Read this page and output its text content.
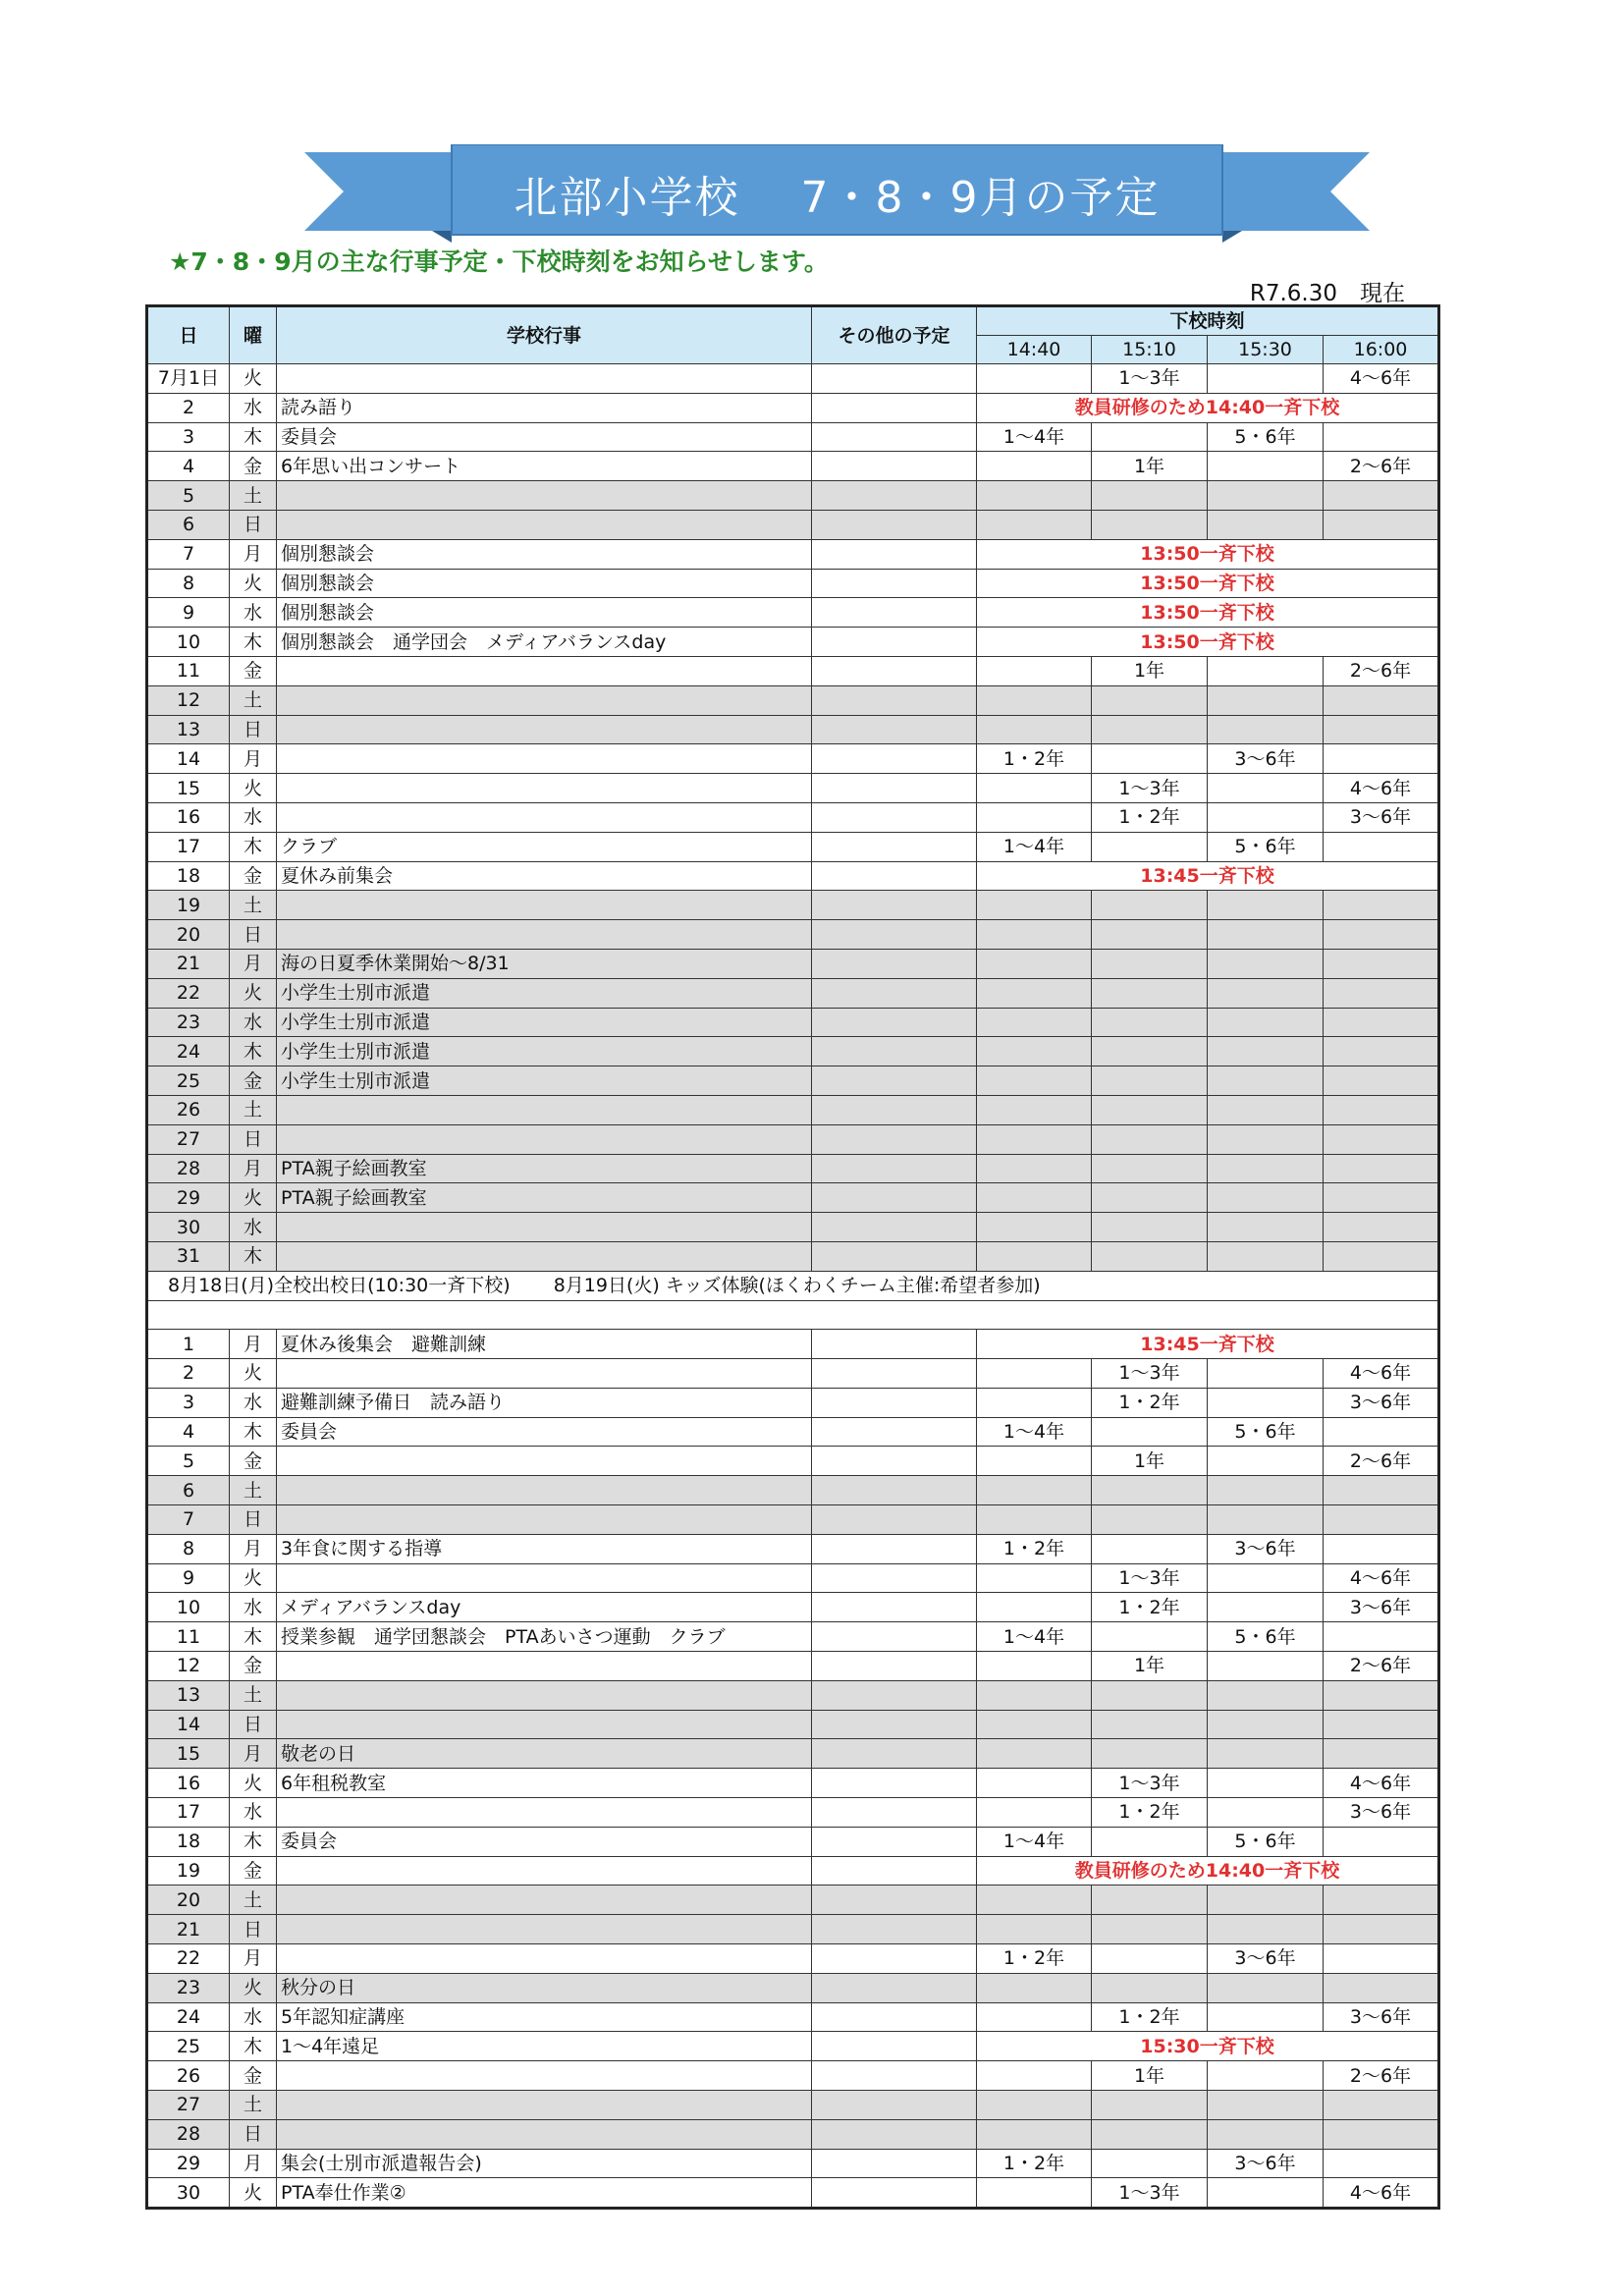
北部小学校　 7・8・9月の予定
★7・8・9月の主な行事予定・下校時刻をお知らせします。
R7.6.30　現在
日	曜	学校行事	その他の予定	下校時刻			
				14:40	15:10	15:30	16:00
7月1日	火				1～3年		4～6年
2	水	読み語り		教員研修のため14:40一斉下校			
3	木	委員会		1～4年		5・6年	
4	金	6年思い出コンサート			1年		2～6年
5	土						
6	日						
7	月	個別懇談会		13:50一斉下校			
8	火	個別懇談会		13:50一斉下校			
9	水	個別懇談会		13:50一斉下校			
10	木	個別懇談会　通学団会　メディアバランスday		13:50一斉下校			
11	金				1年		2～6年
12	土						
13	日						
14	月			1・2年		3～6年	
15	火				1～3年		4～6年
16	水				1・2年		3～6年
17	木	クラブ		1～4年		5・6年	
18	金	夏休み前集会		13:45一斉下校			
19	土						
20	日						
21	月	海の日夏季休業開始～8/31					
22	火	小学生士別市派遣					
23	水	小学生士別市派遣					
24	木	小学生士別市派遣					
25	金	小学生士別市派遣					
26	土						
27	日						
28	月	PTA親子絵画教室					
29	火	PTA親子絵画教室					
30	水						
31	木						
8月18日(月)全校出校日(10:30一斉下校)　　 8月19日(火) キッズ体験(ほくわくチーム主催:希望者参加)							

1	月	夏休み後集会　避難訓練		13:45一斉下校			
2	火				1～3年		4～6年
3	水	避難訓練予備日　読み語り			1・2年		3～6年
4	木	委員会		1～4年		5・6年	
5	金				1年		2～6年
6	土						
7	日						
8	月	3年食に関する指導		1・2年		3～6年	
9	火				1～3年		4～6年
10	水	メディアバランスday			1・2年		3～6年
11	木	授業参観　通学団懇談会　PTAあいさつ運動　クラブ		1～4年		5・6年	
12	金				1年		2～6年
13	土						
14	日						
15	月	敬老の日					
16	火	6年租税教室			1～3年		4～6年
17	水				1・2年		3～6年
18	木	委員会		1～4年		5・6年	
19	金			教員研修のため14:40一斉下校			
20	土						
21	日						
22	月			1・2年		3～6年	
23	火	秋分の日					
24	水	5年認知症講座			1・2年		3～6年
25	木	1～4年遠足		15:30一斉下校			
26	金				1年		2～6年
27	土						
28	日						
29	月	集会(士別市派遣報告会)		1・2年		3～6年	
30	火	PTA奉仕作業②			1～3年		4～6年
